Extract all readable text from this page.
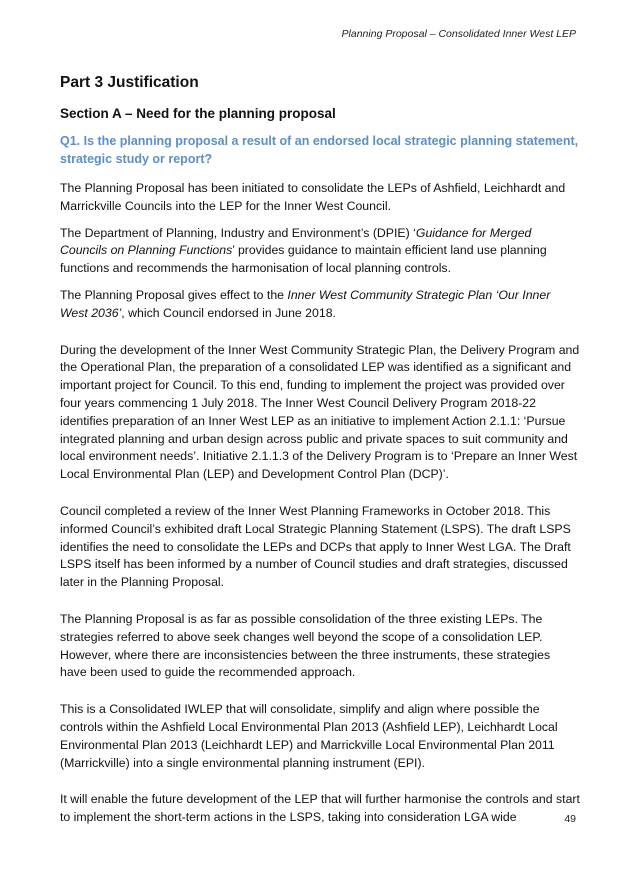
Planning Proposal – Consolidated Inner West LEP
Part 3 Justification
Section A – Need for the planning proposal
Q1. Is the planning proposal a result of an endorsed local strategic planning statement, strategic study or report?

The Planning Proposal has been initiated to consolidate the LEPs of Ashfield, Leichhardt and Marrickville Councils into the LEP for the Inner West Council.

The Department of Planning, Industry and Environment’s (DPIE) ‘Guidance for Merged Councils on Planning Functions’ provides guidance to maintain efficient land use planning functions and recommends the harmonisation of local planning controls.

The Planning Proposal gives effect to the Inner West Community Strategic Plan ‘Our Inner West 2036’, which Council endorsed in June 2018.

During the development of the Inner West Community Strategic Plan, the Delivery Program and the Operational Plan, the preparation of a consolidated LEP was identified as a significant and important project for Council. To this end, funding to implement the project was provided over four years commencing 1 July 2018. The Inner West Council Delivery Program 2018-22 identifies preparation of an Inner West LEP as an initiative to implement Action 2.1.1: ‘Pursue integrated planning and urban design across public and private spaces to suit community and local environment needs’. Initiative 2.1.1.3 of the Delivery Program is to ‘Prepare an Inner West Local Environmental Plan (LEP) and Development Control Plan (DCP)’.

Council completed a review of the Inner West Planning Frameworks in October 2018. This informed Council’s exhibited draft Local Strategic Planning Statement (LSPS). The draft LSPS identifies the need to consolidate the LEPs and DCPs that apply to Inner West LGA. The Draft LSPS itself has been informed by a number of Council studies and draft strategies, discussed later in the Planning Proposal.

The Planning Proposal is as far as possible consolidation of the three existing LEPs. The strategies referred to above seek changes well beyond the scope of a consolidation LEP. However, where there are inconsistencies between the three instruments, these strategies have been used to guide the recommended approach.

This is a Consolidated IWLEP that will consolidate, simplify and align where possible the controls within the Ashfield Local Environmental Plan 2013 (Ashfield LEP), Leichhardt Local Environmental Plan 2013 (Leichhardt LEP) and Marrickville Local Environmental Plan 2011 (Marrickville) into a single environmental planning instrument (EPI).

It will enable the future development of the LEP that will further harmonise the controls and start to implement the short-term actions in the LSPS, taking into consideration LGA wide	49
